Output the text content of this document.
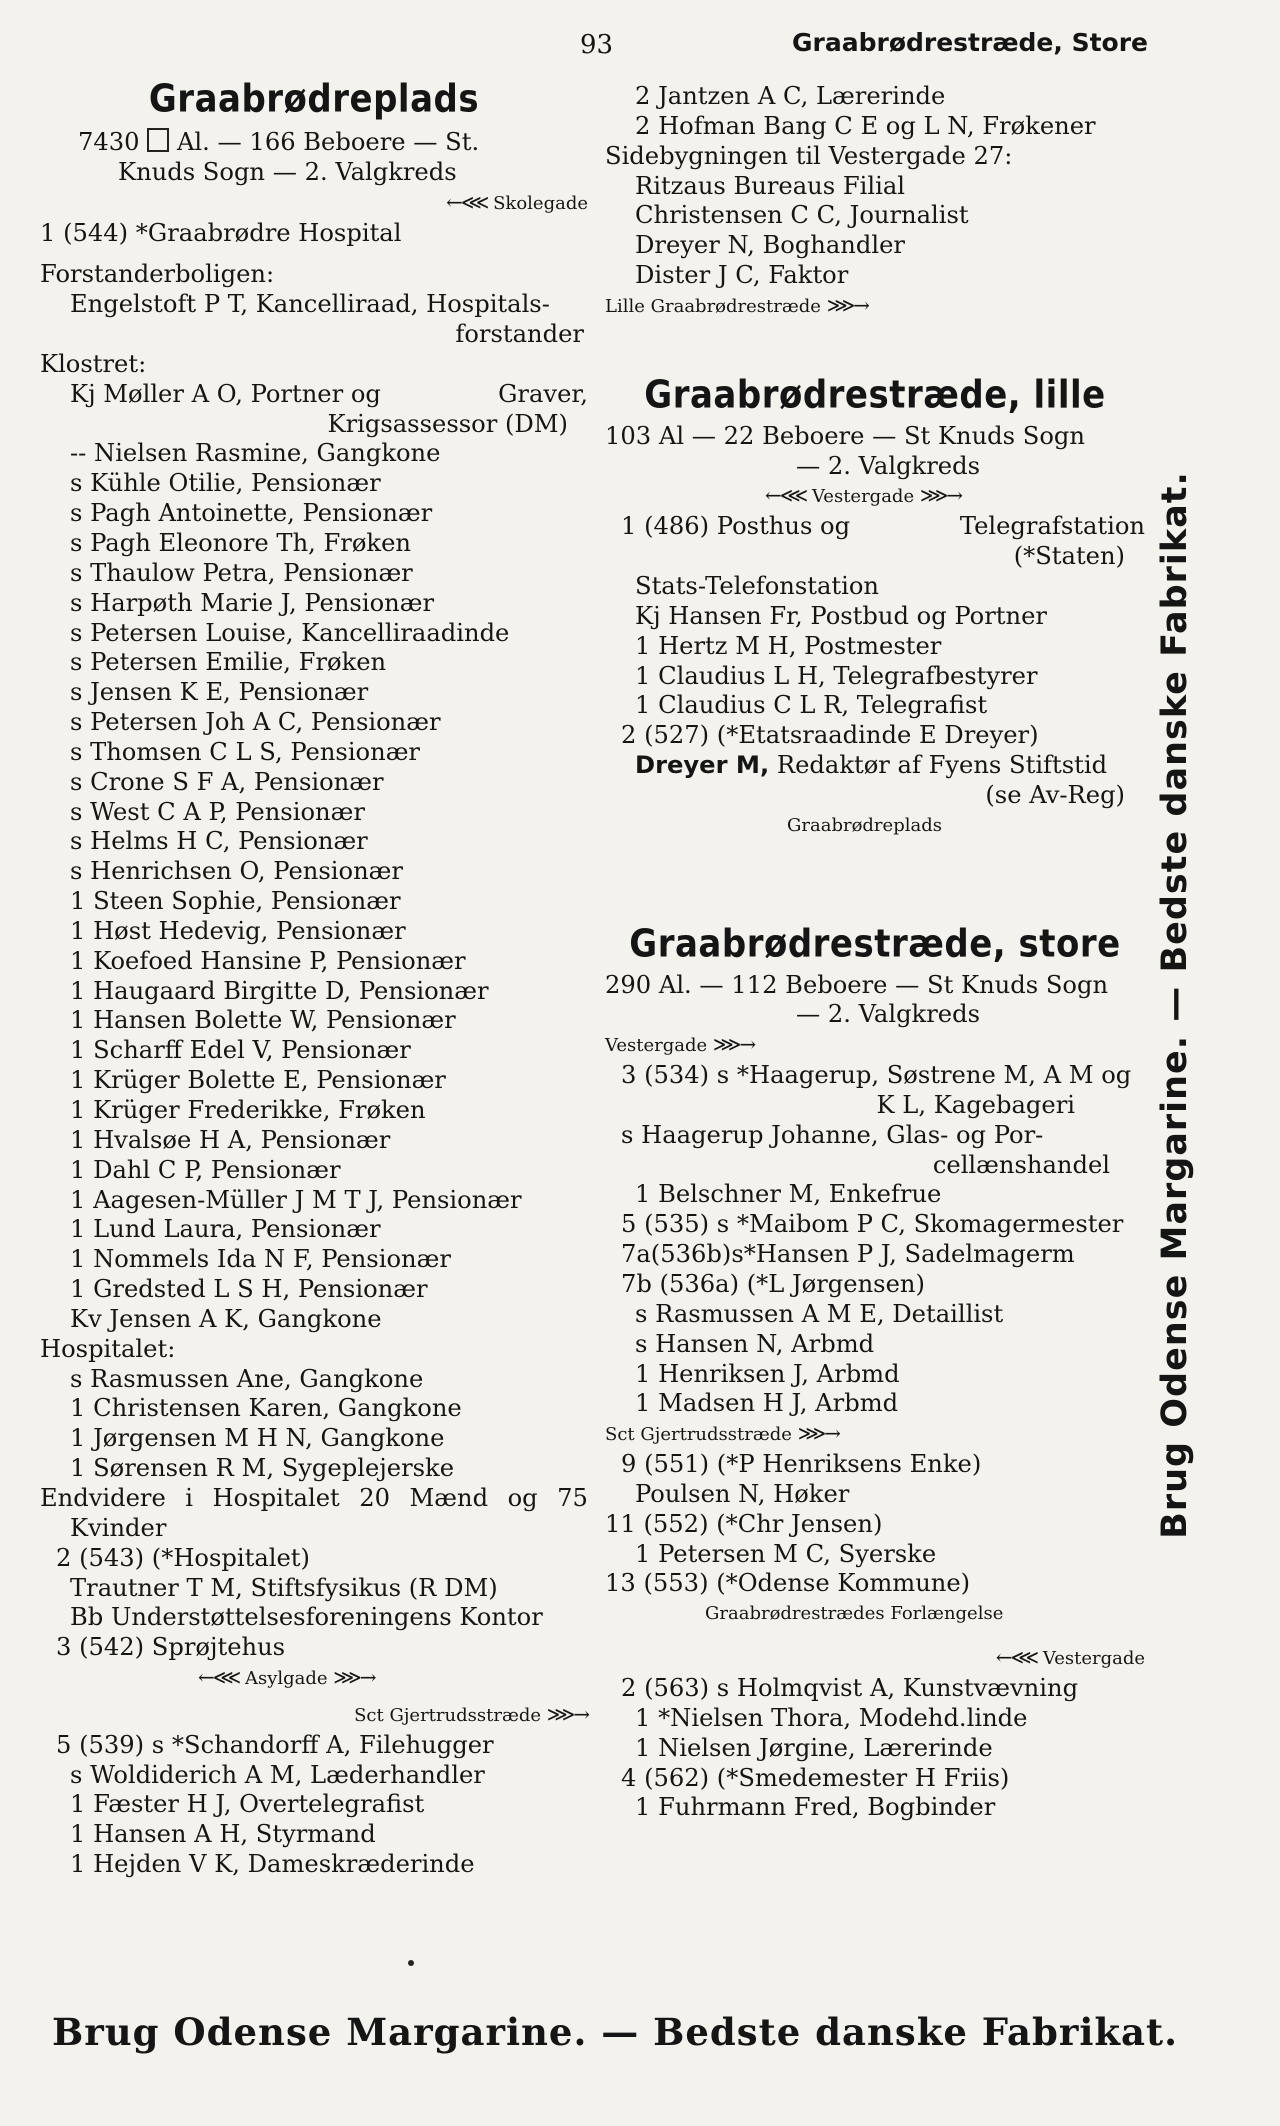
93	Graabrødrestræde, Store
Graabrødreplads
7430 Al. — 166 Beboere — St.
Knuds Sogn — 2. Valgkreds
←⋘ Skolegade
1 (544) *Graabrødre Hospital
Forstanderboligen:
Engelstoft P T, Kancelliraad, Hospitals-
forstander
Klostret:
Kj Møller A O, Portner og	Graver,
Krigsassessor (DM)
-- Nielsen Rasmine, Gangkone
s Kühle Otilie, Pensionær
s Pagh Antoinette, Pensionær
s Pagh Eleonore Th, Frøken
s Thaulow Petra, Pensionær
s Harpøth Marie J, Pensionær
s Petersen Louise, Kancelliraadinde
s Petersen Emilie, Frøken
s Jensen K E, Pensionær
s Petersen Joh A C, Pensionær
s Thomsen C L S, Pensionær
s Crone S F A, Pensionær
s West C A P, Pensionær
s Helms H C, Pensionær
s Henrichsen O, Pensionær
1 Steen Sophie, Pensionær
1 Høst Hedevig, Pensionær
1 Koefoed Hansine P, Pensionær
1 Haugaard Birgitte D, Pensionær
1 Hansen Bolette W, Pensionær
1 Scharff Edel V, Pensionær
1 Krüger Bolette E, Pensionær
1 Krüger Frederikke, Frøken
1 Hvalsøe H A, Pensionær
1 Dahl C P, Pensionær
1 Aagesen-Müller J M T J, Pensionær
1 Lund Laura, Pensionær
1 Nommels Ida N F, Pensionær
1 Gredsted L S H, Pensionær
Kv Jensen A K, Gangkone
Hospitalet:
s Rasmussen Ane, Gangkone
1 Christensen Karen, Gangkone
1 Jørgensen M H N, Gangkone
1 Sørensen R M, Sygeplejerske
Endvidere i Hospitalet 20 Mænd og 75
Kvinder
2 (543) (*Hospitalet)
Trautner T M, Stiftsfysikus (R DM)
Bb Understøttelsesforeningens Kontor
3 (542) Sprøjtehus
←⋘ Asylgade ⋙→
Sct Gjertrudsstræde ⋙→
5 (539) s *Schandorff A, Filehugger
s Woldiderich A M, Læderhandler
1 Fæster H J, Overtelegrafist
1 Hansen A H, Styrmand
1 Hejden V K, Dameskræderinde
2 Jantzen A C, Lærerinde
2 Hofman Bang C E og L N, Frøkener
Sidebygningen til Vestergade 27:
Ritzaus Bureaus Filial
Christensen C C, Journalist
Dreyer N, Boghandler
Dister J C, Faktor
Lille Graabrødrestræde ⋙→
Graabrødrestræde, lille
103 Al — 22 Beboere — St Knuds Sogn
— 2. Valgkreds
←⋘ Vestergade ⋙→
1 (486) Posthus og	Telegrafstation
(*Staten)
Stats-Telefonstation
Kj Hansen Fr, Postbud og Portner
1 Hertz M H, Postmester
1 Claudius L H, Telegrafbestyrer
1 Claudius C L R, Telegrafist
2 (527) (*Etatsraadinde E Dreyer)
Dreyer M, Redaktør af Fyens Stiftstid
(se Av-Reg)
Graabrødreplads
Graabrødrestræde, store
290 Al. — 112 Beboere — St Knuds Sogn
— 2. Valgkreds
Vestergade ⋙→
3 (534) s *Haagerup, Søstrene M, A M og
K L, Kagebageri
s Haagerup Johanne, Glas- og Por-
cellænshandel
1 Belschner M, Enkefrue
5 (535) s *Maibom P C, Skomagermester
7a(536b)s*Hansen P J, Sadelmagerm
7b (536a) (*L Jørgensen)
s Rasmussen A M E, Detaillist
s Hansen N, Arbmd
1 Henriksen J, Arbmd
1 Madsen H J, Arbmd
Sct Gjertrudsstræde ⋙→
9 (551) (*P Henriksens Enke)
Poulsen N, Høker
11 (552) (*Chr Jensen)
1 Petersen M C, Syerske
13 (553) (*Odense Kommune)
Graabrødrestrædes Forlængelse
←⋘ Vestergade
2 (563) s Holmqvist A, Kunstvævning
1 *Nielsen Thora, Modehd.linde
1 Nielsen Jørgine, Lærerinde
4 (562) (*Smedemester H Friis)
1 Fuhrmann Fred, Bogbinder
Brug Odense Margarine. — Bedste danske Fabrikat.
Brug Odense Margarine. — Bedste danske Fabrikat.
